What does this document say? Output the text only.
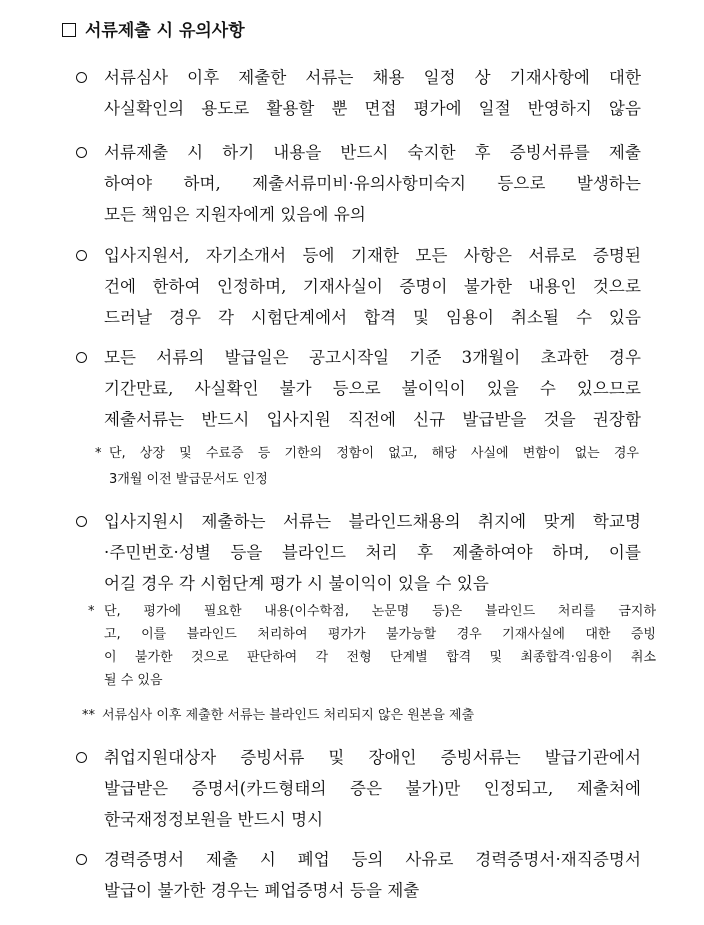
서류제출 시 유의사항
서류심사 이후 제출한 서류는 채용 일정 상 기재사항에 대한
사실확인의 용도로 활용할 뿐 면접 평가에 일절 반영하지 않음
서류제출 시 하기 내용을 반드시 숙지한 후 증빙서류를 제출
하여야 하며, 제출서류미비·유의사항미숙지 등으로 발생하는
모든 책임은 지원자에게 있음에 유의
입사지원서, 자기소개서 등에 기재한 모든 사항은 서류로 증명된
건에 한하여 인정하며, 기재사실이 증명이 불가한 내용인 것으로
드러날 경우 각 시험단계에서 합격 및 임용이 취소될 수 있음
모든 서류의 발급일은 공고시작일 기준 3개월이 초과한 경우
기간만료, 사실확인 불가 등으로 불이익이 있을 수 있으므로
제출서류는 반드시 입사지원 직전에 신규 발급받을 것을 권장함
* 단, 상장 및 수료증 등 기한의 정함이 없고, 해당 사실에 변함이 없는 경우
3개월 이전 발급문서도 인정
입사지원시 제출하는 서류는 블라인드채용의 취지에 맞게 학교명
·주민번호·성별 등을 블라인드 처리 후 제출하여야 하며, 이를
어길 경우 각 시험단계 평가 시 불이익이 있을 수 있음
* 단, 평가에 필요한 내용(이수학점, 논문명 등)은 블라인드 처리를 금지하
고, 이를 블라인드 처리하여 평가가 불가능할 경우 기재사실에 대한 증빙
이 불가한 것으로 판단하여 각 전형 단계별 합격 및 최종합격·임용이 취소
될 수 있음
** 서류심사 이후 제출한 서류는 블라인드 처리되지 않은 원본을 제출
취업지원대상자 증빙서류 및 장애인 증빙서류는 발급기관에서
발급받은 증명서(카드형태의 증은 불가)만 인정되고, 제출처에
한국재정정보원을 반드시 명시
경력증명서 제출 시 폐업 등의 사유로 경력증명서·재직증명서
발급이 불가한 경우는 폐업증명서 등을 제출
